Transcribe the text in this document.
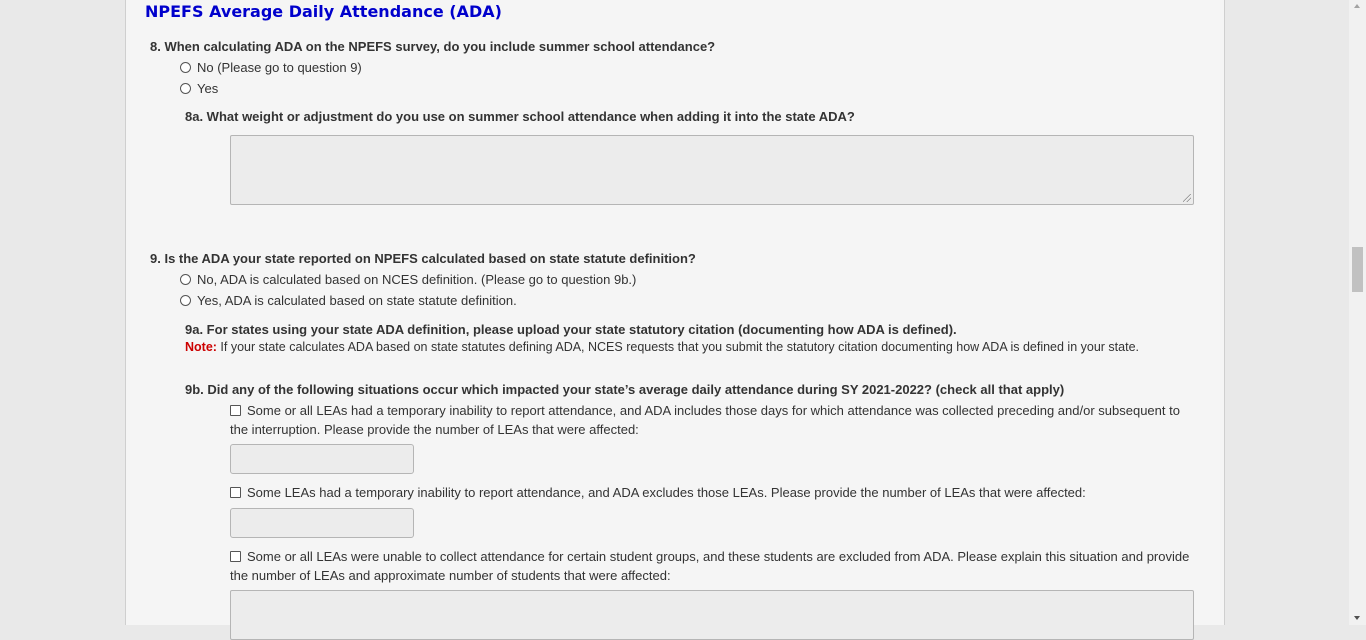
NPEFS Average Daily Attendance (ADA)
8. When calculating ADA on the NPEFS survey, do you include summer school attendance?
No (Please go to question 9)
Yes
8a. What weight or adjustment do you use on summer school attendance when adding it into the state ADA?
9. Is the ADA your state reported on NPEFS calculated based on state statute definition?
No, ADA is calculated based on NCES definition. (Please go to question 9b.)
Yes, ADA is calculated based on state statute definition.
9a. For states using your state ADA definition, please upload your state statutory citation (documenting how ADA is defined).
Note: If your state calculates ADA based on state statutes defining ADA, NCES requests that you submit the statutory citation documenting how ADA is defined in your state.
9b. Did any of the following situations occur which impacted your state’s average daily attendance during SY 2021-2022? (check all that apply)
Some or all LEAs had a temporary inability to report attendance, and ADA includes those days for which attendance was collected preceding and/or subsequent to the interruption. Please provide the number of LEAs that were affected:
Some LEAs had a temporary inability to report attendance, and ADA excludes those LEAs. Please provide the number of LEAs that were affected:
Some or all LEAs were unable to collect attendance for certain student groups, and these students are excluded from ADA. Please explain this situation and provide the number of LEAs and approximate number of students that were affected:
